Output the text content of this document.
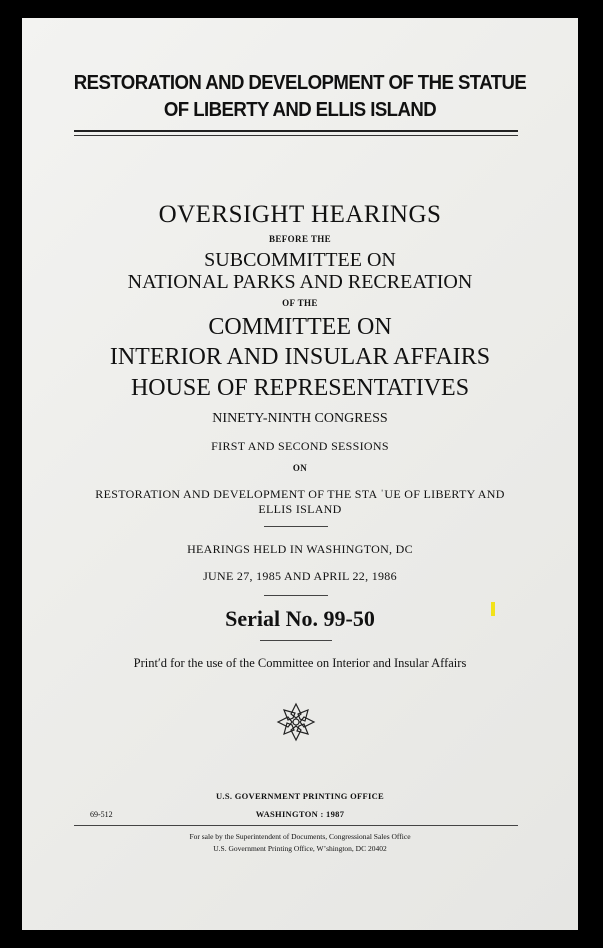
RESTORATION AND DEVELOPMENT OF THE STATUE
OF LIBERTY AND ELLIS ISLAND
OVERSIGHT HEARINGS
BEFORE THE
SUBCOMMITTEE ON
NATIONAL PARKS AND RECREATION
OF THE
COMMITTEE ON
INTERIOR AND INSULAR AFFAIRS
HOUSE OF REPRESENTATIVES
NINETY-NINTH CONGRESS
FIRST AND SECOND SESSIONS
ON
RESTORATION AND DEVELOPMENT OF THE STA ˈUE OF LIBERTY AND
ELLIS ISLAND
HEARINGS HELD IN WASHINGTON, DC
JUNE 27, 1985 AND APRIL 22, 1986
Serial No. 99-50
Print′d for the use of the Committee on Interior and Insular Affairs
U.S. GOVERNMENT PRINTING OFFICE
WASHINGTON : 1987
69-512
For sale by the Superintendent of Documents, Congressional Sales Office
U.S. Government Printing Office, Wʼshington, DC 20402
